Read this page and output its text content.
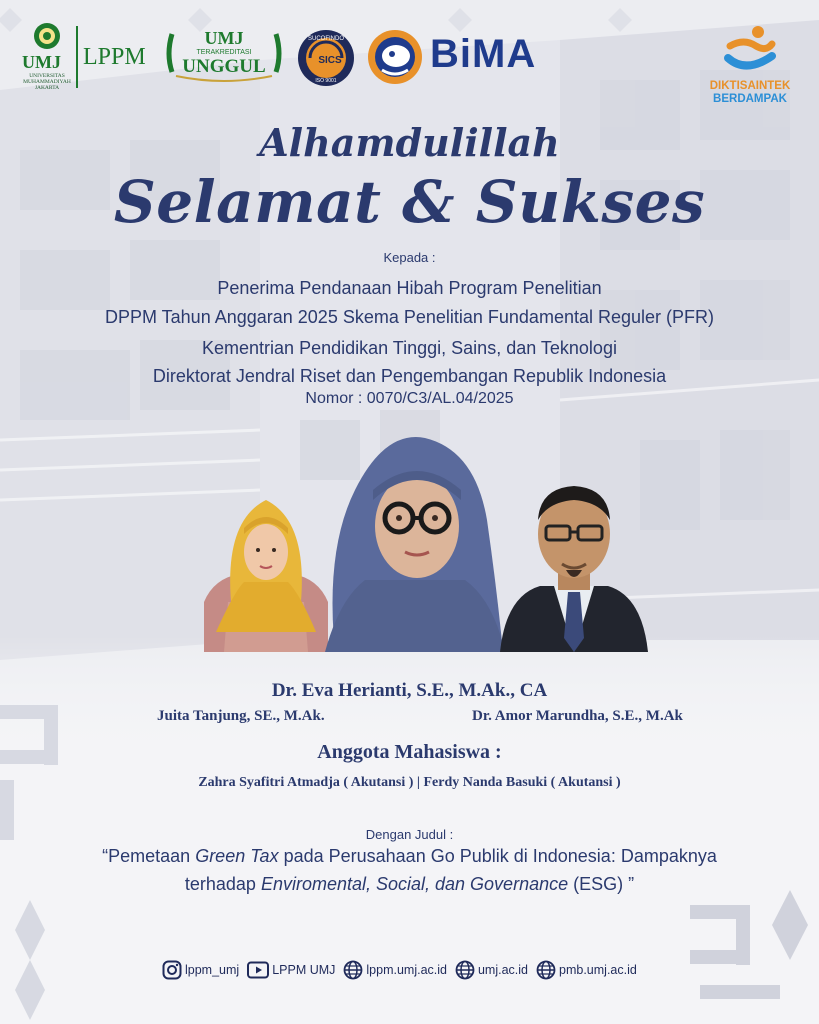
UMJ
UNIVERSITAS MUHAMMADIYAH JAKARTA
LPPM
UMJ
TERAKREDITASI
UNGGUL
SUCOFINDO
SICS
ISO 9001
BiMA
DIKTISAINTEK
BERDAMPAK
Alhamdulillah
Selamat & Sukses
Kepada :
Penerima Pendanaan Hibah Program Penelitian
DPPM Tahun Anggaran 2025 Skema Penelitian Fundamental Reguler (PFR)
Kementrian Pendidikan Tinggi, Sains, dan Teknologi
Direktorat Jendral Riset dan Pengembangan Republik Indonesia
Nomor : 0070/C3/AL.04/2025
Dr. Eva Herianti, S.E., M.Ak., CA
Juita Tanjung, SE., M.Ak.	Dr. Amor Marundha, S.E., M.Ak
Anggota Mahasiswa :
Zahra Syafitri Atmadja ( Akutansi ) | Ferdy Nanda Basuki ( Akutansi )
Dengan Judul :
“Pemetaan Green Tax pada Perusahaan Go Publik di Indonesia: Dampaknya
terhadap Enviromental, Social, dan Governance (ESG) ”
lppm_umj	LPPM UMJ lppm.umj.ac.id umj.ac.id pmb.umj.ac.id
